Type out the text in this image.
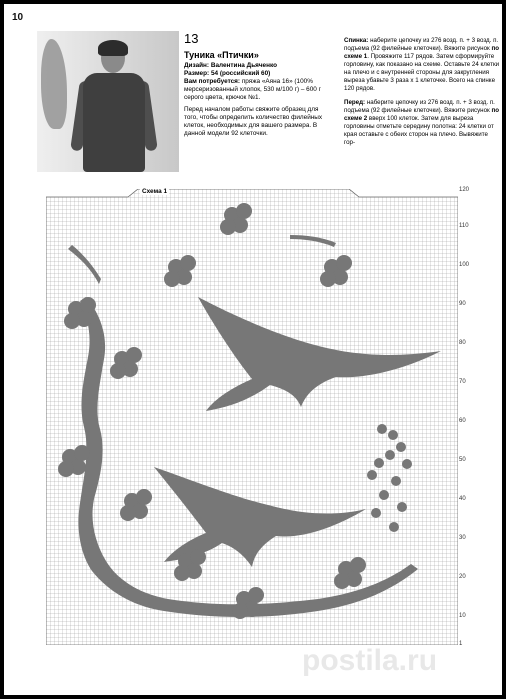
10
13
Туника «Птички»
Дизайн: Валентина Дьяченко
Размер: 54 (российский 60)
Вам потребуется: пряжа «Аяна 16» (100% мерсеризованный хлопок, 530 м/100 г) – 600 г серого цвета, крючок №1.
Перед началом работы свяжите образец для того, чтобы определить количество филейных клеток, необходимых для вашего размера. В данной модели 92 клеточки.

Спинка: наберите цепочку из 276 возд. п. + 3 возд. п. подъема (92 филейные клеточки). Вяжите рисунок по схеме 1. Провяжите 117 рядов. Затем сформируйте горловину, как показано на схеме. Оставьте 24 клетки на плечо и с внутренней стороны для закругления выреза убавьте 3 раза х 1 клеточке. Всего на спинке 120 рядов.

Перед: наберите цепочку из 276 возд. п. + 3 возд. п. подъема (92 филейные клеточки). Вяжите рисунок по схеме 2 вверх 100 клеток. Затем для выреза горловины отметьте середину полотна: 24 клетки от края оставьте с обеих сторон на плечо. Вывяжите гор-

Схема 1	120
110
100
90
80
70
60
50
40
30
20
10
1
postila.ru
